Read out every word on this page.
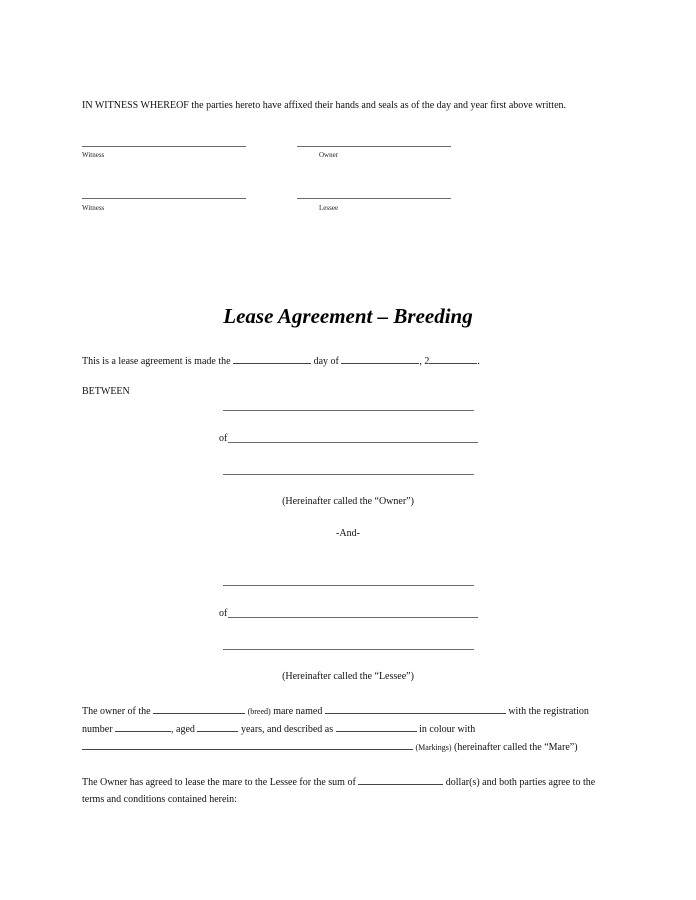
IN WITNESS WHEREOF the parties hereto have affixed their hands and seals as of the day and year first above written.
Witness	Owner
Witness	Lessee
Lease Agreement – Breeding
This is a lease agreement is made the	day of	, 2	.
BETWEEN
of
(Hereinafter called the “Owner”)
-And-
of
(Hereinafter called the “Lessee”)
The owner of the	(breed) mare named	with the registration
number	, aged	years, and described as	in colour with
(Markings) (hereinafter called the “Mare”)
The Owner has agreed to lease the mare to the Lessee for the sum of	dollar(s) and both parties agree to the
terms and conditions contained herein:
